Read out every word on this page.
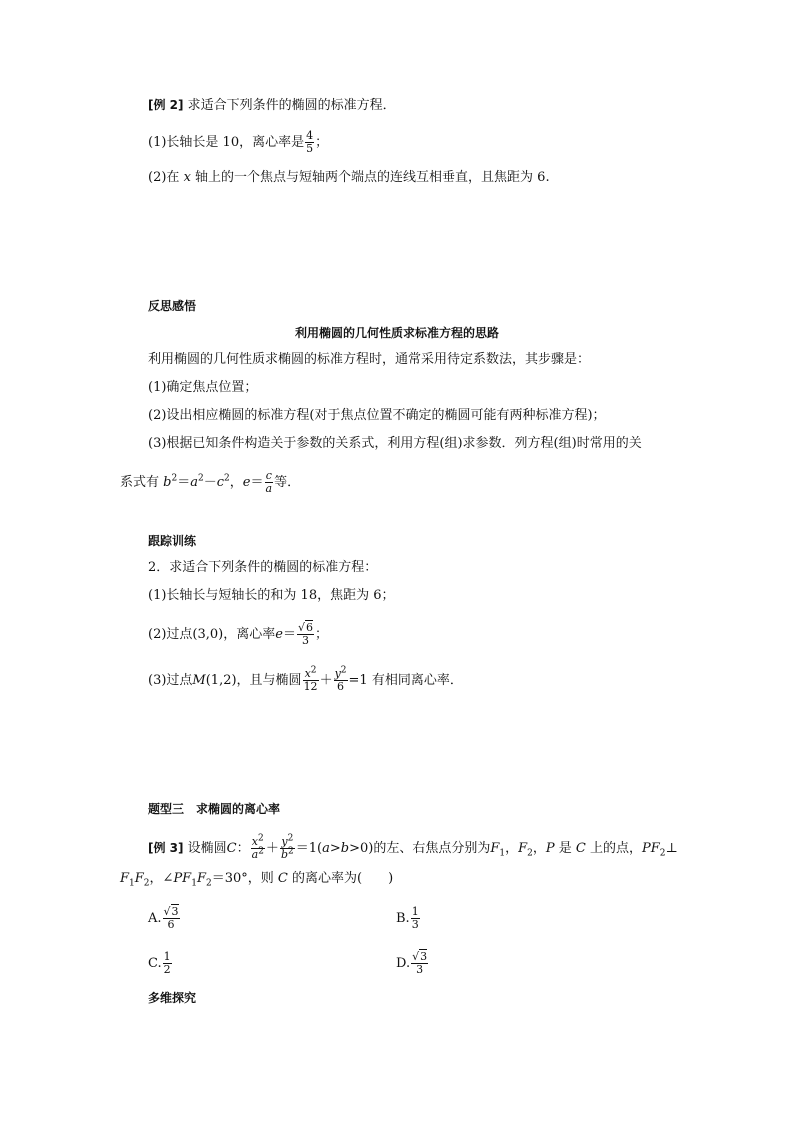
[例 2] 求适合下列条件的椭圆的标准方程．
(1)长轴长是 10，离心率是 $\frac{4}{5}$ ；
(2)在 x 轴上的一个焦点与短轴两个端点的连线互相垂直，且焦距为 6.
反思感悟
利用椭圆的几何性质求标准方程的思路
利用椭圆的几何性质求椭圆的标准方程时，通常采用待定系数法，其步骤是：
(1)确定焦点位置；
(2)设出相应椭圆的标准方程(对于焦点位置不确定的椭圆可能有两种标准方程)；
(3)根据已知条件构造关于参数的关系式，利用方程(组)求参数．列方程(组)时常用的关
系式有 $b^2=a^2-c^2$，$e= \frac{c}{a}$ 等．
跟踪训练
2．求适合下列条件的椭圆的标准方程：
(1)长轴长与短轴长的和为 18，焦距为 6；
(2)过点(3,0)，离心率$e= \frac{√6}{3}$ ；
(3)过点M(1,2)，且与椭圆 $\frac{x^2}{12} + \frac{y^2}{6} =1$ 有相同离心率．
题型三　求椭圆的离心率
[例 3] 设椭圆C： $\frac{x^2}{a^2} + \frac{y^2}{b^2} =1(a>b>0)$的左、右焦点分别为$F_1$，$F_2$，P 是 C 上的点，$PF_2\perp$
$F_1F_2$，$\angle PF_1F_2=30^\circ$，则 C 的离心率为(　　)
A. $\frac{√3}{6}$	B. $\frac{1}{3}$
C. $\frac{1}{2}$	D. $\frac{√3}{3}$
多维探究
